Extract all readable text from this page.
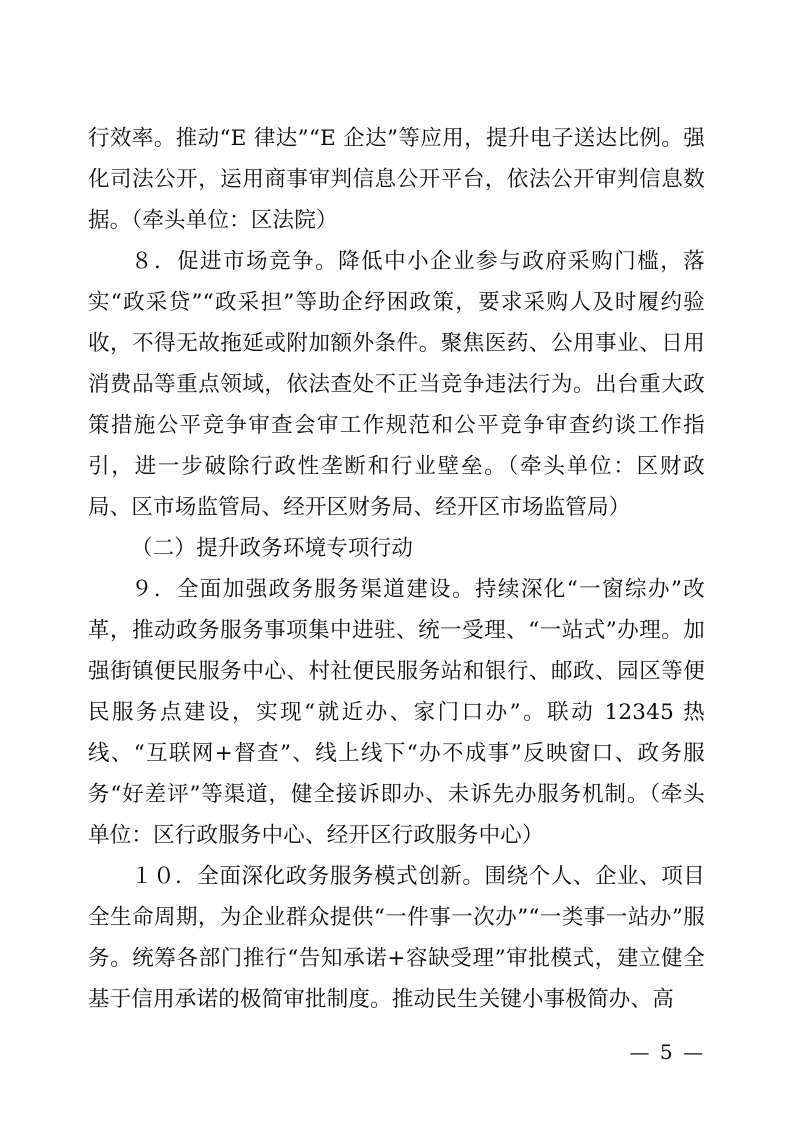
行效率。推动“E 律达”“E 企达”等应用，提升电子送达比例。强化司法公开，运用商事审判信息公开平台，依法公开审判信息数据。（牵头单位：区法院）

８．促进市场竞争。降低中小企业参与政府采购门槛，落实“政采贷”“政采担”等助企纾困政策，要求采购人及时履约验收，不得无故拖延或附加额外条件。聚焦医药、公用事业、日用消费品等重点领域，依法查处不正当竞争违法行为。出台重大政策措施公平竞争审查会审工作规范和公平竞争审查约谈工作指引，进一步破除行政性垄断和行业壁垒。（牵头单位：区财政局、区市场监管局、经开区财务局、经开区市场监管局）

（二）提升政务环境专项行动

９．全面加强政务服务渠道建设。持续深化“一窗综办”改革，推动政务服务事项集中进驻、统一受理、“一站式”办理。加强街镇便民服务中心、村社便民服务站和银行、邮政、园区等便民服务点建设，实现“就近办、家门口办”。联动 12345 热线、“互联网+督查”、线上线下“办不成事”反映窗口、政务服务“好差评”等渠道，健全接诉即办、未诉先办服务机制。（牵头单位：区行政服务中心、经开区行政服务中心）

１０．全面深化政务服务模式创新。围绕个人、企业、项目全生命周期，为企业群众提供“一件事一次办”“一类事一站办”服务。统筹各部门推行“告知承诺+容缺受理”审批模式，建立健全基于信用承诺的极简审批制度。推动民生关键小事极简办、高

— 5 —
